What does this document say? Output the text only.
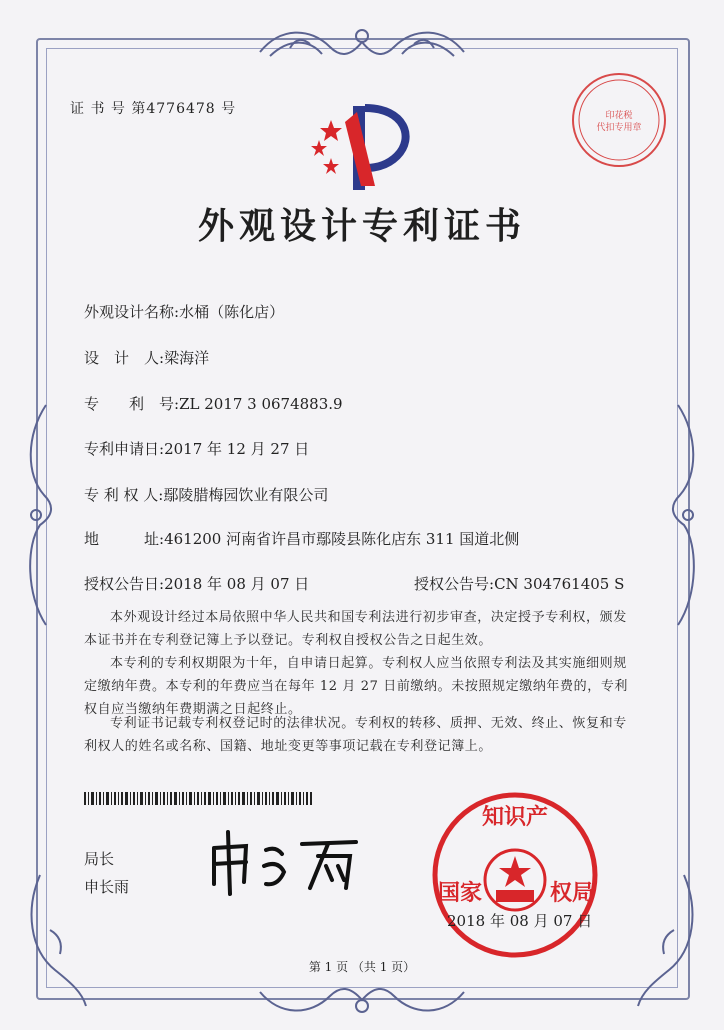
证 书 号 第4776478 号	印花税
代扣专用章
外观设计专利证书
外观设计名称:水桶（陈化店）
设　计　人:梁海洋
专　　利　号:ZL 2017 3 0674883.9
专利申请日:2017 年 12 月 27 日
专 利 权 人:鄢陵腊梅园饮业有限公司
地　　　址:461200 河南省许昌市鄢陵县陈化店东 311 国道北侧
授权公告日:2018 年 08 月 07 日	授权公告号:CN 304761405 S
本外观设计经过本局依照中华人民共和国专利法进行初步审查，决定授予专利权，颁发本证书并在专利登记簿上予以登记。专利权自授权公告之日起生效。
本专利的专利权期限为十年，自申请日起算。专利权人应当依照专利法及其实施细则规定缴纳年费。本专利的年费应当在每年 12 月 27 日前缴纳。未按照规定缴纳年费的，专利权自应当缴纳年费期满之日起终止。
专利证书记载专利权登记时的法律状况。专利权的转移、质押、无效、终止、恢复和专利权人的姓名或名称、国籍、地址变更等事项记载在专利登记簿上。
局长
申长雨
知识产
国家	权局
2018 年 08 月 07 日
第 1 页 （共 1 页）
